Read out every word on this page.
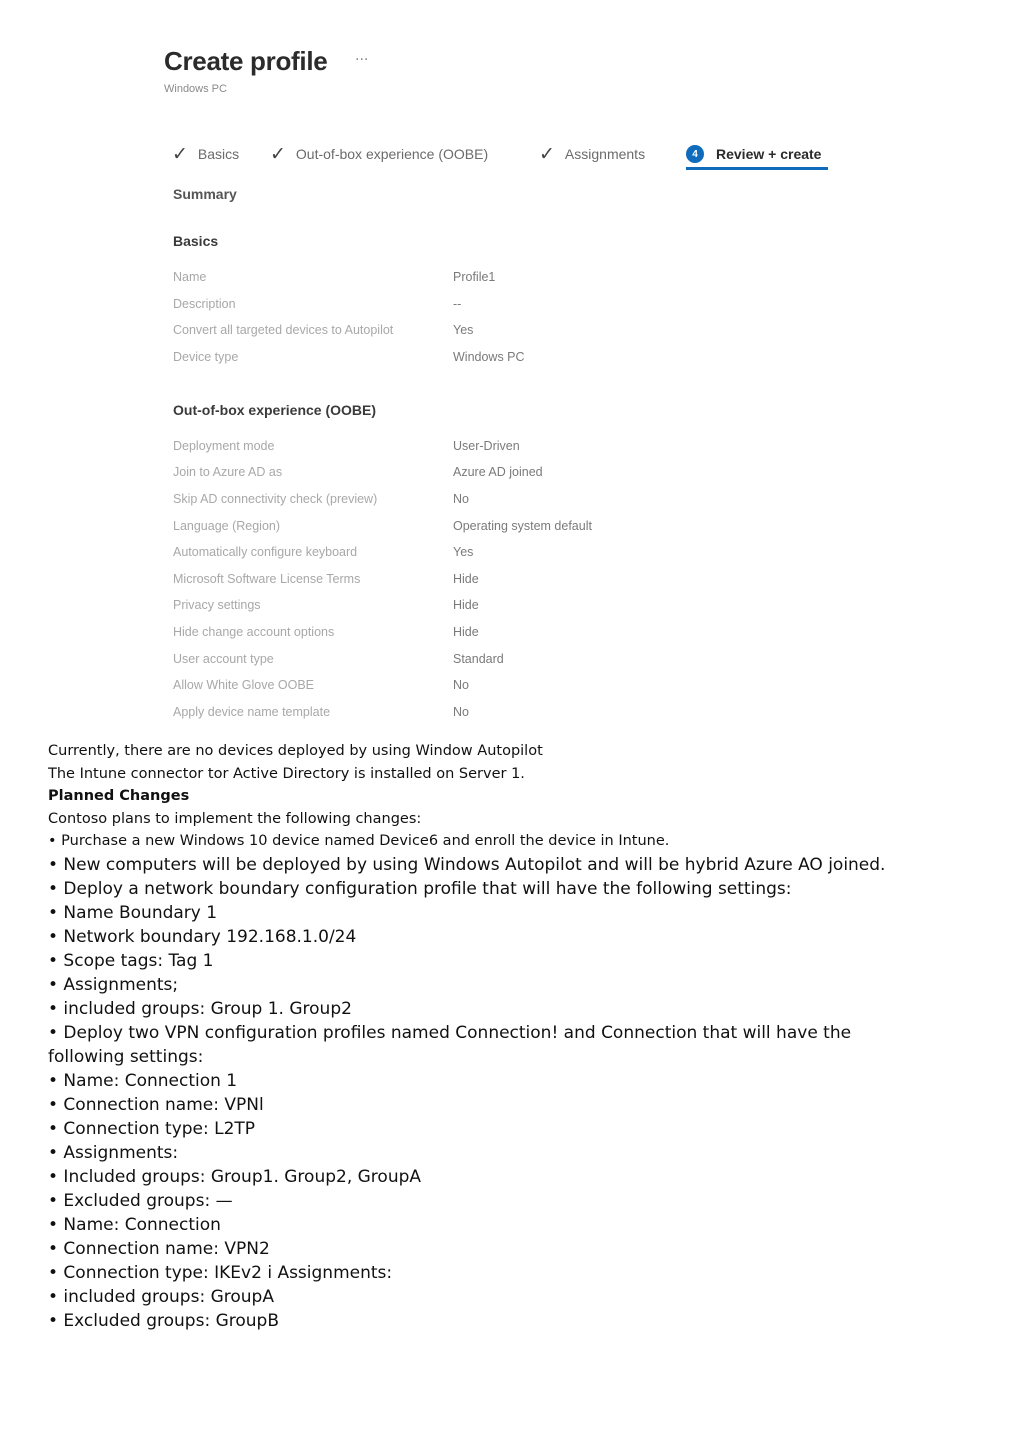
Create profile ···
Windows PC
✓ Basics ✓ Out-of-box experience (OOBE)	✓ Assignments	4	Review + create
Summary
Basics
Name	Profile1
Description	--
Convert all targeted devices to Autopilot	Yes
Device type	Windows PC
Out-of-box experience (OOBE)
Deployment mode	User-Driven
Join to Azure AD as	Azure AD joined
Skip AD connectivity check (preview)	No
Language (Region)	Operating system default
Automatically configure keyboard	Yes
Microsoft Software License Terms	Hide
Privacy settings	Hide
Hide change account options	Hide
User account type	Standard
Allow White Glove OOBE	No
Apply device name template	No
Currently, there are no devices deployed by using Window Autopilot
The Intune connector tor Active Directory is installed on Server 1.
Planned Changes
Contoso plans to implement the following changes:
• Purchase a new Windows 10 device named Device6 and enroll the device in Intune.
• New computers will be deployed by using Windows Autopilot and will be hybrid Azure AO joined.
• Deploy a network boundary configuration profile that will have the following settings:
• Name Boundary 1
• Network boundary 192.168.1.0/24
• Scope tags: Tag 1
• Assignments;
• included groups: Group 1. Group2
• Deploy two VPN configuration profiles named Connection! and Connection that will have the following settings:
• Name: Connection 1
• Connection name: VPNl
• Connection type: L2TP
• Assignments:
• Included groups: Group1. Group2, GroupA
• Excluded groups: —
• Name: Connection
• Connection name: VPN2
• Connection type: IKEv2 i Assignments:
• included groups: GroupA
• Excluded groups: GroupB
